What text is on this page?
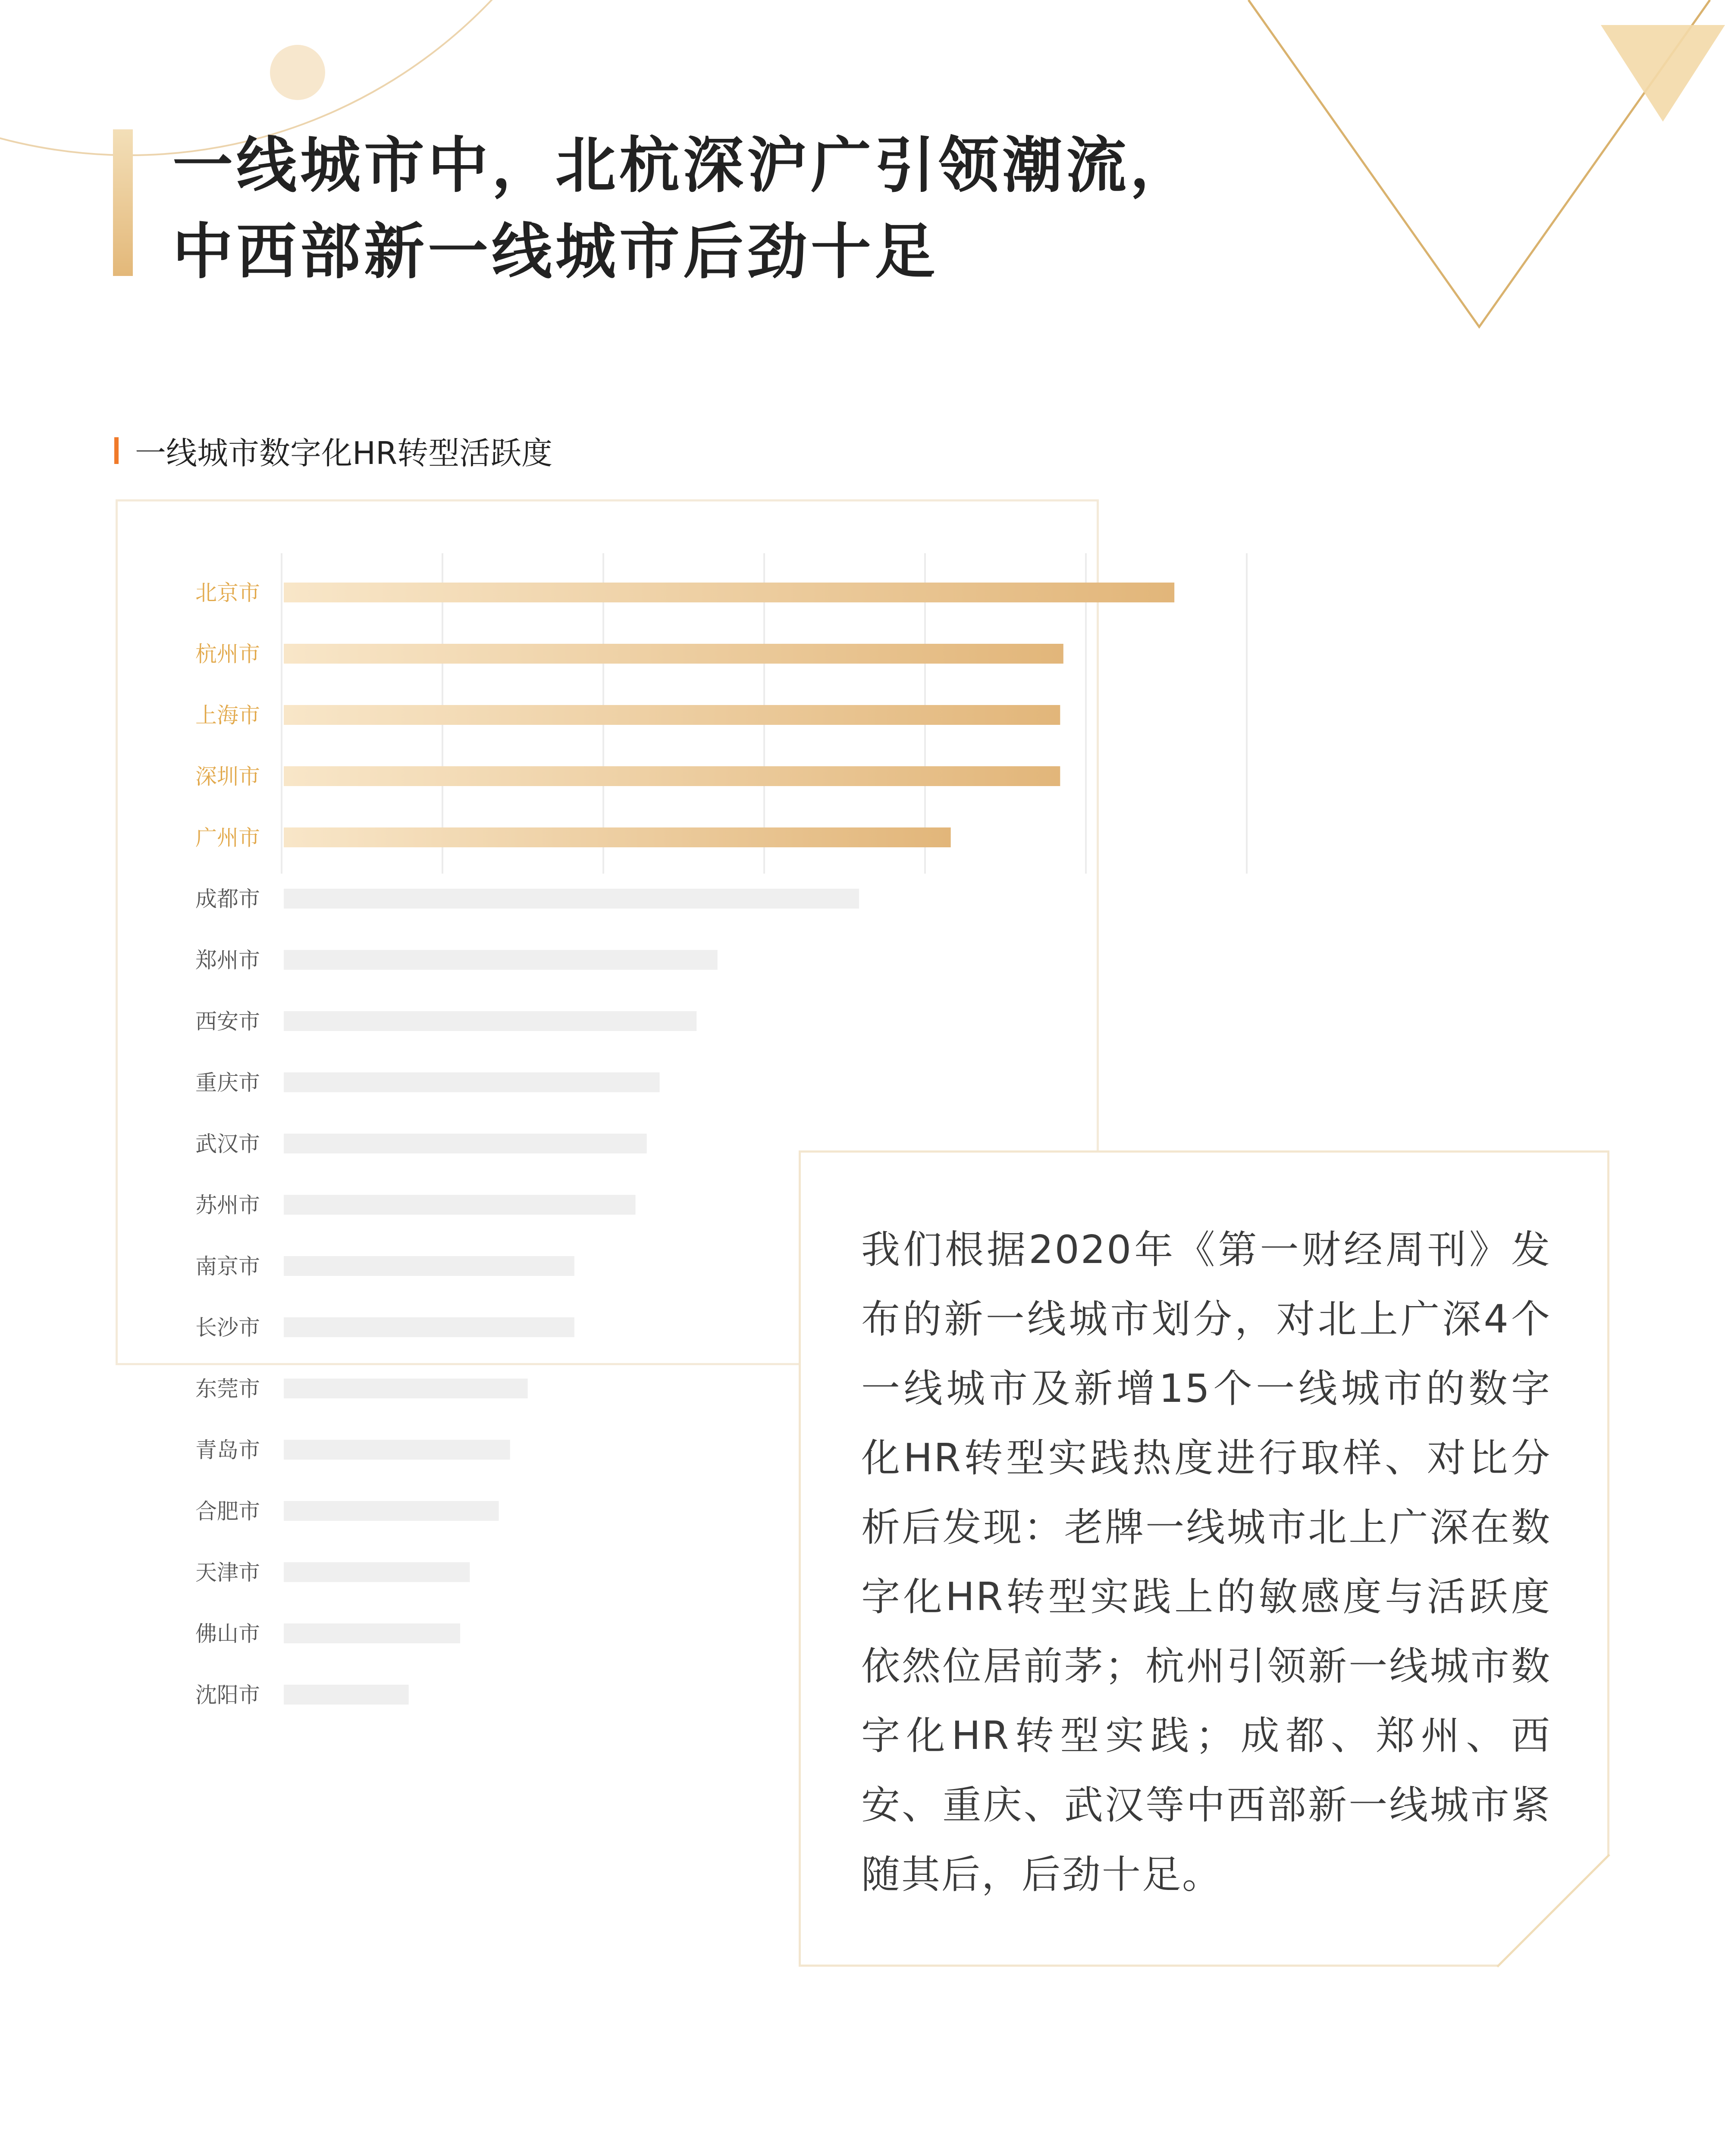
一线城市中，北杭深沪广引领潮流，
中西部新一线城市后劲十足
一线城市数字化HR转型活跃度
北京市
杭州市
上海市
深圳市
广州市
成都市
郑州市
西安市
重庆市
武汉市
苏州市
南京市
长沙市
东莞市
青岛市
合肥市
天津市
佛山市
沈阳市

我们根据2020年《第一财经周刊》发布的新一线城市划分，对北上广深4个一线城市及新增15个一线城市的数字化HR转型实践热度进行取样、对比分析后发现：老牌一线城市北上广深在数字化HR转型实践上的敏感度与活跃度依然位居前茅；杭州引领新一线城市数字化HR转型实践；成都、郑州、西安、重庆、武汉等中西部新一线城市紧随其后，后劲十足。
